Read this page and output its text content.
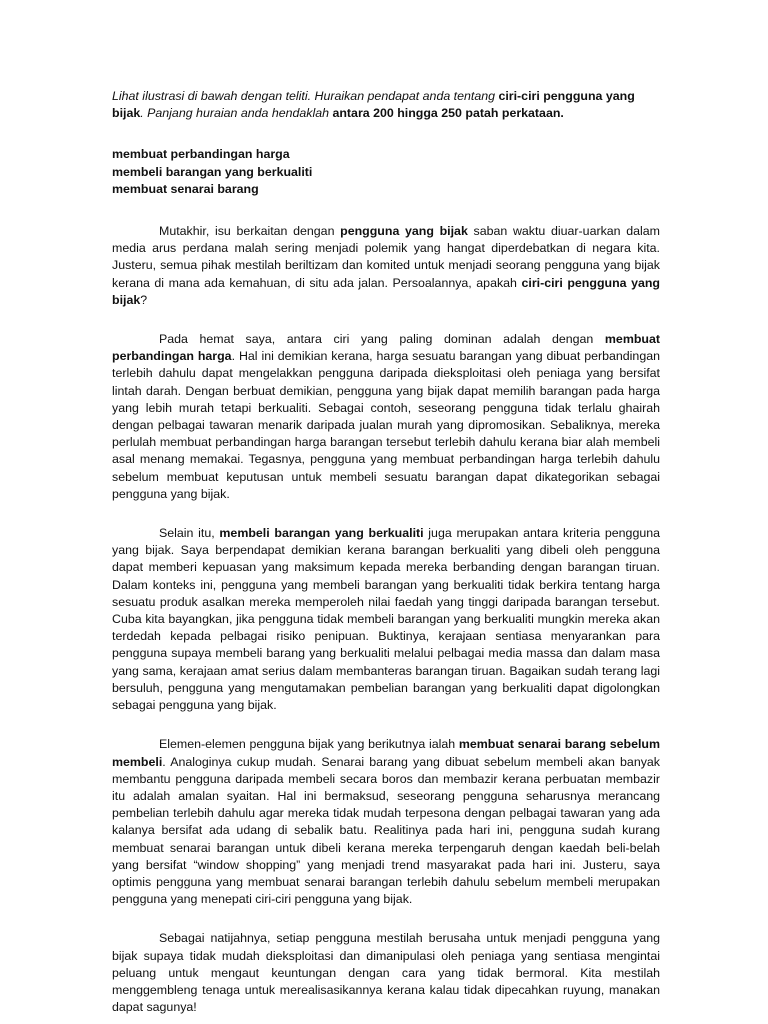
Lihat ilustrasi di bawah dengan teliti. Huraikan pendapat anda tentang ciri-ciri pengguna yang bijak. Panjang huraian anda hendaklah antara 200 hingga 250 patah perkataan.

membuat perbandingan harga
membeli barangan yang berkualiti
membuat senarai barang

Mutakhir, isu berkaitan dengan pengguna yang bijak saban waktu diuar-uarkan dalam media arus perdana malah sering menjadi polemik yang hangat diperdebatkan di negara kita. Justeru, semua pihak mestilah beriltizam dan komited untuk menjadi seorang pengguna yang bijak kerana di mana ada kemahuan, di situ ada jalan. Persoalannya, apakah ciri-ciri pengguna yang bijak?

Pada hemat saya, antara ciri yang paling dominan adalah dengan membuat perbandingan harga. Hal ini demikian kerana, harga sesuatu barangan yang dibuat perbandingan terlebih dahulu dapat mengelakkan pengguna daripada dieksploitasi oleh peniaga yang bersifat lintah darah. Dengan berbuat demikian, pengguna yang bijak dapat memilih barangan pada harga yang lebih murah tetapi berkualiti. Sebagai contoh, seseorang pengguna tidak terlalu ghairah dengan pelbagai tawaran menarik daripada jualan murah yang dipromosikan. Sebaliknya, mereka perlulah membuat perbandingan harga barangan tersebut terlebih dahulu kerana biar alah membeli asal menang memakai. Tegasnya, pengguna yang membuat perbandingan harga terlebih dahulu sebelum membuat keputusan untuk membeli sesuatu barangan dapat dikategorikan sebagai pengguna yang bijak.

Selain itu, membeli barangan yang berkualiti juga merupakan antara kriteria pengguna yang bijak. Saya berpendapat demikian kerana barangan berkualiti yang dibeli oleh pengguna dapat memberi kepuasan yang maksimum kepada mereka berbanding dengan barangan tiruan. Dalam konteks ini, pengguna yang membeli barangan yang berkualiti tidak berkira tentang harga sesuatu produk asalkan mereka memperoleh nilai faedah yang tinggi daripada barangan tersebut. Cuba kita bayangkan, jika pengguna tidak membeli barangan yang berkualiti mungkin mereka akan terdedah kepada pelbagai risiko penipuan. Buktinya, kerajaan sentiasa menyarankan para pengguna supaya membeli barang yang berkualiti melalui pelbagai media massa dan dalam masa yang sama, kerajaan amat serius dalam membanteras barangan tiruan. Bagaikan sudah terang lagi bersuluh, pengguna yang mengutamakan pembelian barangan yang berkualiti dapat digolongkan sebagai pengguna yang bijak.

Elemen-elemen pengguna bijak yang berikutnya ialah membuat senarai barang sebelum membeli. Analoginya cukup mudah. Senarai barang yang dibuat sebelum membeli akan banyak membantu pengguna daripada membeli secara boros dan membazir kerana perbuatan membazir itu adalah amalan syaitan. Hal ini bermaksud, seseorang pengguna seharusnya merancang pembelian terlebih dahulu agar mereka tidak mudah terpesona dengan pelbagai tawaran yang ada kalanya bersifat ada udang di sebalik batu. Realitinya pada hari ini, pengguna sudah kurang membuat senarai barangan untuk dibeli kerana mereka terpengaruh dengan kaedah beli-belah yang bersifat “window shopping” yang menjadi trend masyarakat pada hari ini. Justeru, saya optimis pengguna yang membuat senarai barangan terlebih dahulu sebelum membeli merupakan pengguna yang menepati ciri-ciri pengguna yang bijak.

Sebagai natijahnya, setiap pengguna mestilah berusaha untuk menjadi pengguna yang bijak supaya tidak mudah dieksploitasi dan dimanipulasi oleh peniaga yang sentiasa mengintai peluang untuk mengaut keuntungan dengan cara yang tidak bermoral. Kita mestilah menggembleng tenaga untuk merealisasikannya kerana kalau tidak dipecahkan ruyung, manakan dapat sagunya!
